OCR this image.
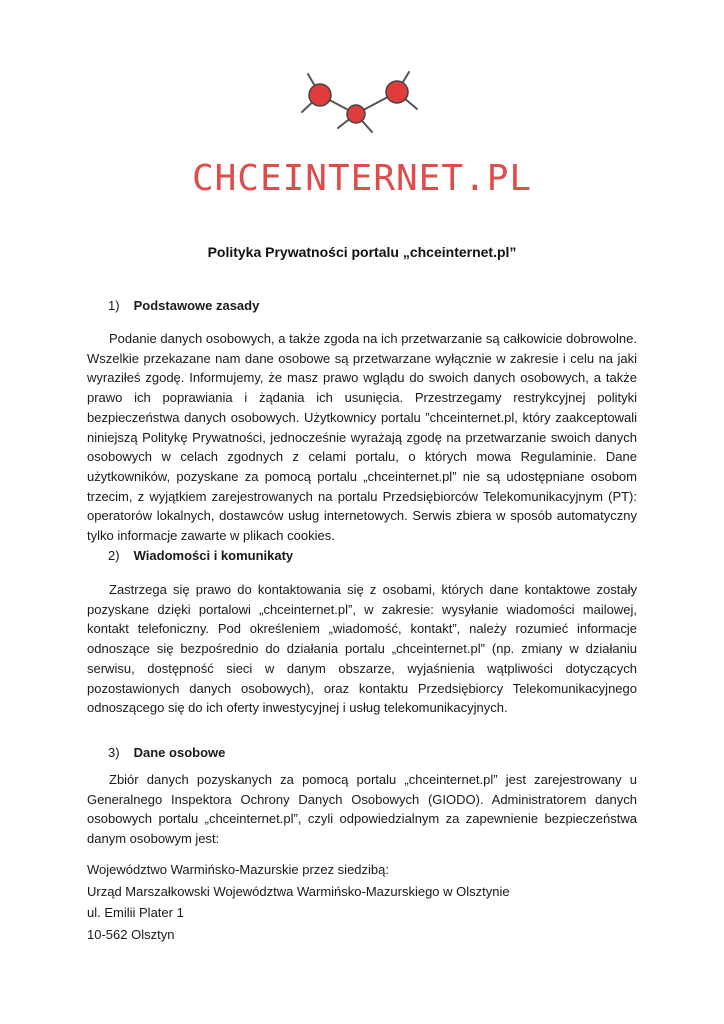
CHCEINTERNET.PL
Polityka Prywatności portalu „chceinternet.pl”
1) Podstawowe zasady

Podanie danych osobowych, a także zgoda na ich przetwarzanie są całkowicie dobrowolne. Wszelkie przekazane nam dane osobowe są przetwarzane wyłącznie w zakresie i celu na jaki wyraziłeś zgodę. Informujemy, że masz prawo wglądu do swoich danych osobowych, a także prawo ich poprawiania i żądania ich usunięcia. Przestrzegamy restrykcyjnej polityki bezpieczeństwa danych osobowych. Użytkownicy portalu ”chceinternet.pl, który zaakceptowali niniejszą Politykę Prywatności, jednocześnie wyrażają zgodę na przetwarzanie swoich danych osobowych w celach zgodnych z celami portalu, o których mowa Regulaminie. Dane użytkowników, pozyskane za pomocą portalu „chceinternet.pl” nie są udostępniane osobom trzecim, z wyjątkiem zarejestrowanych na portalu Przedsiębiorców Telekomunikacyjnym (PT): operatorów lokalnych, dostawców usług internetowych. Serwis zbiera w sposób automatyczny tylko informacje zawarte w plikach cookies.

2) Wiadomości i komunikaty

Zastrzega się prawo do kontaktowania się z osobami, których dane kontaktowe zostały pozyskane dzięki portalowi „chceinternet.pl”, w zakresie: wysyłanie wiadomości mailowej, kontakt telefoniczny. Pod określeniem „wiadomość, kontakt”, należy rozumieć informacje odnoszące się bezpośrednio do działania portalu „chceinternet.pl” (np. zmiany w działaniu serwisu, dostępność sieci w danym obszarze, wyjaśnienia wątpliwości dotyczących pozostawionych danych osobowych), oraz kontaktu Przedsiębiorcy Telekomunikacyjnego odnoszącego się do ich oferty inwestycyjnej i usług telekomunikacyjnych.

3) Dane osobowe

Zbiór danych pozyskanych za pomocą portalu „chceinternet.pl” jest zarejestrowany u Generalnego Inspektora Ochrony Danych Osobowych (GIODO). Administratorem danych osobowych portalu „chceinternet.pl”, czyli odpowiedzialnym za zapewnienie bezpieczeństwa danym osobowym jest:

Województwo Warmińsko-Mazurskie przez siedzibą:
Urząd Marszałkowski Województwa Warmińsko-Mazurskiego w Olsztynie
ul. Emilii Plater 1
10-562 Olsztyn
